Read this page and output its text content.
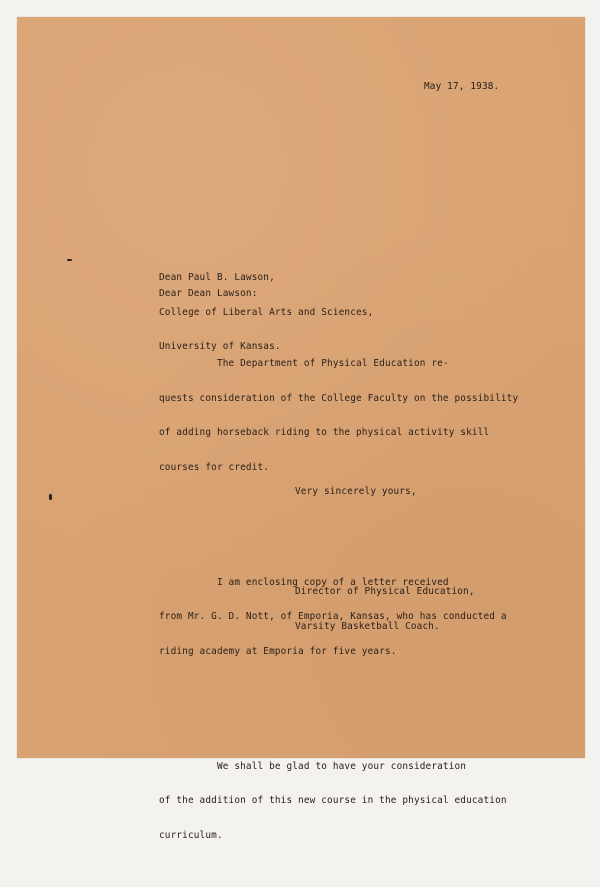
May 17, 1938.

Dean Paul B. Lawson,

College of Liberal Arts and Sciences,

University of Kansas.

Dear Dean Lawson:

The Department of Physical Education re-

quests consideration of the College Faculty on the possibility

of adding horseback riding to the physical activity skill

courses for credit.

I am enclosing copy of a letter received

from Mr. G. D. Nott, of Emporia, Kansas, who has conducted a

riding academy at Emporia for five years.

We shall be glad to have your consideration

of the addition of this new course in the physical education

curriculum.

Very sincerely yours,

Director of Physical Education,

Varsity Basketball Coach.
